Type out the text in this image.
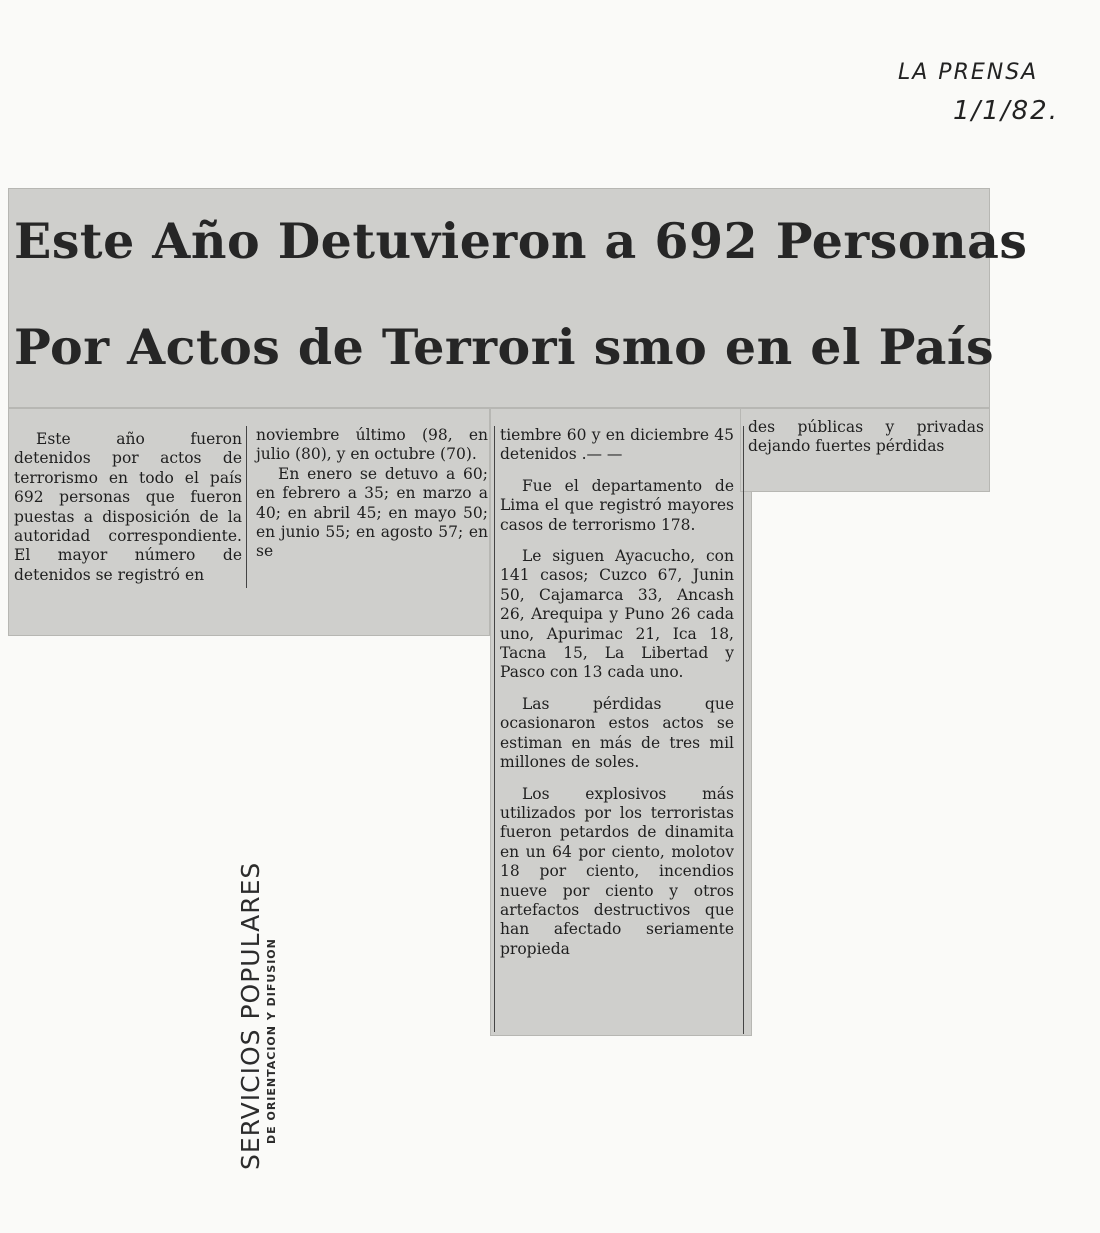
LA PRENSA
1/1/82.
Este Año Detuvieron a 692 Personas
Por Actos de Terrori smo en el País

Este año fueron detenidos por actos de terrorismo en todo el país 692 personas que fueron puestas a disposición de la autoridad correspondiente. El mayor número de detenidos se registró en

noviembre último (98, en julio (80), y en octubre (70).

En enero se detuvo a 60; en febrero a 35; en marzo a 40; en abril 45; en mayo 50; en junio 55; en agosto 57; en se

tiembre 60 y en diciembre 45 detenidos .— —

Fue el departamento de Lima el que registró mayores casos de terrorismo 178.

Le siguen Ayacucho, con 141 casos; Cuzco 67, Junin 50, Cajamarca 33, Ancash 26, Arequipa y Puno 26 cada uno, Apurimac 21, Ica 18, Tacna 15, La Libertad y Pasco con 13 cada uno.

Las pérdidas que ocasionaron estos actos se estiman en más de tres mil millones de soles.

Los explosivos más utilizados por los terroristas fueron petardos de dinamita en un 64 por ciento, molotov 18 por ciento, incendios nueve por ciento y otros artefactos destructivos que han afectado seriamente propieda

des públicas y privadas dejando fuertes pérdidas

SERVICIOS POPULARES DE ORIENTACION Y DIFUSION
